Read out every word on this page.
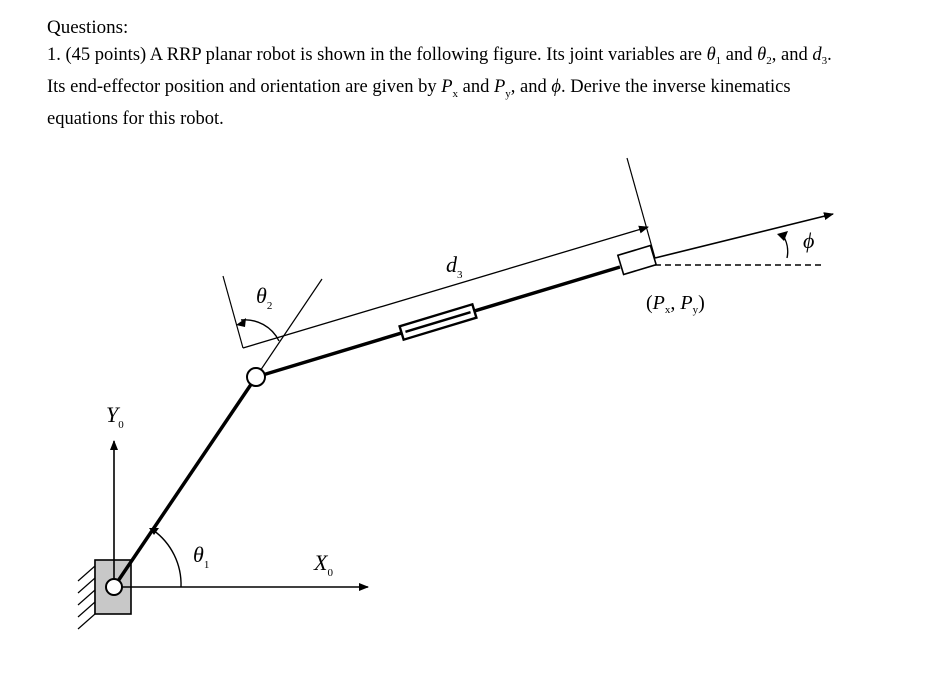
Questions:
1. (45 points) A RRP planar robot is shown in the following figure. Its joint variables are $\theta_1$ and $\theta_2$, and $d_3$.
Its end-effector position and orientation are given by $P_x$ and $P_y$, and ϕ. Derive the inverse kinematics
equations for this robot.
$Y_0$
$X_0$
$\theta_1$
$\theta_2$
$d_3$
ϕ
($P_x$, $P_y$)
